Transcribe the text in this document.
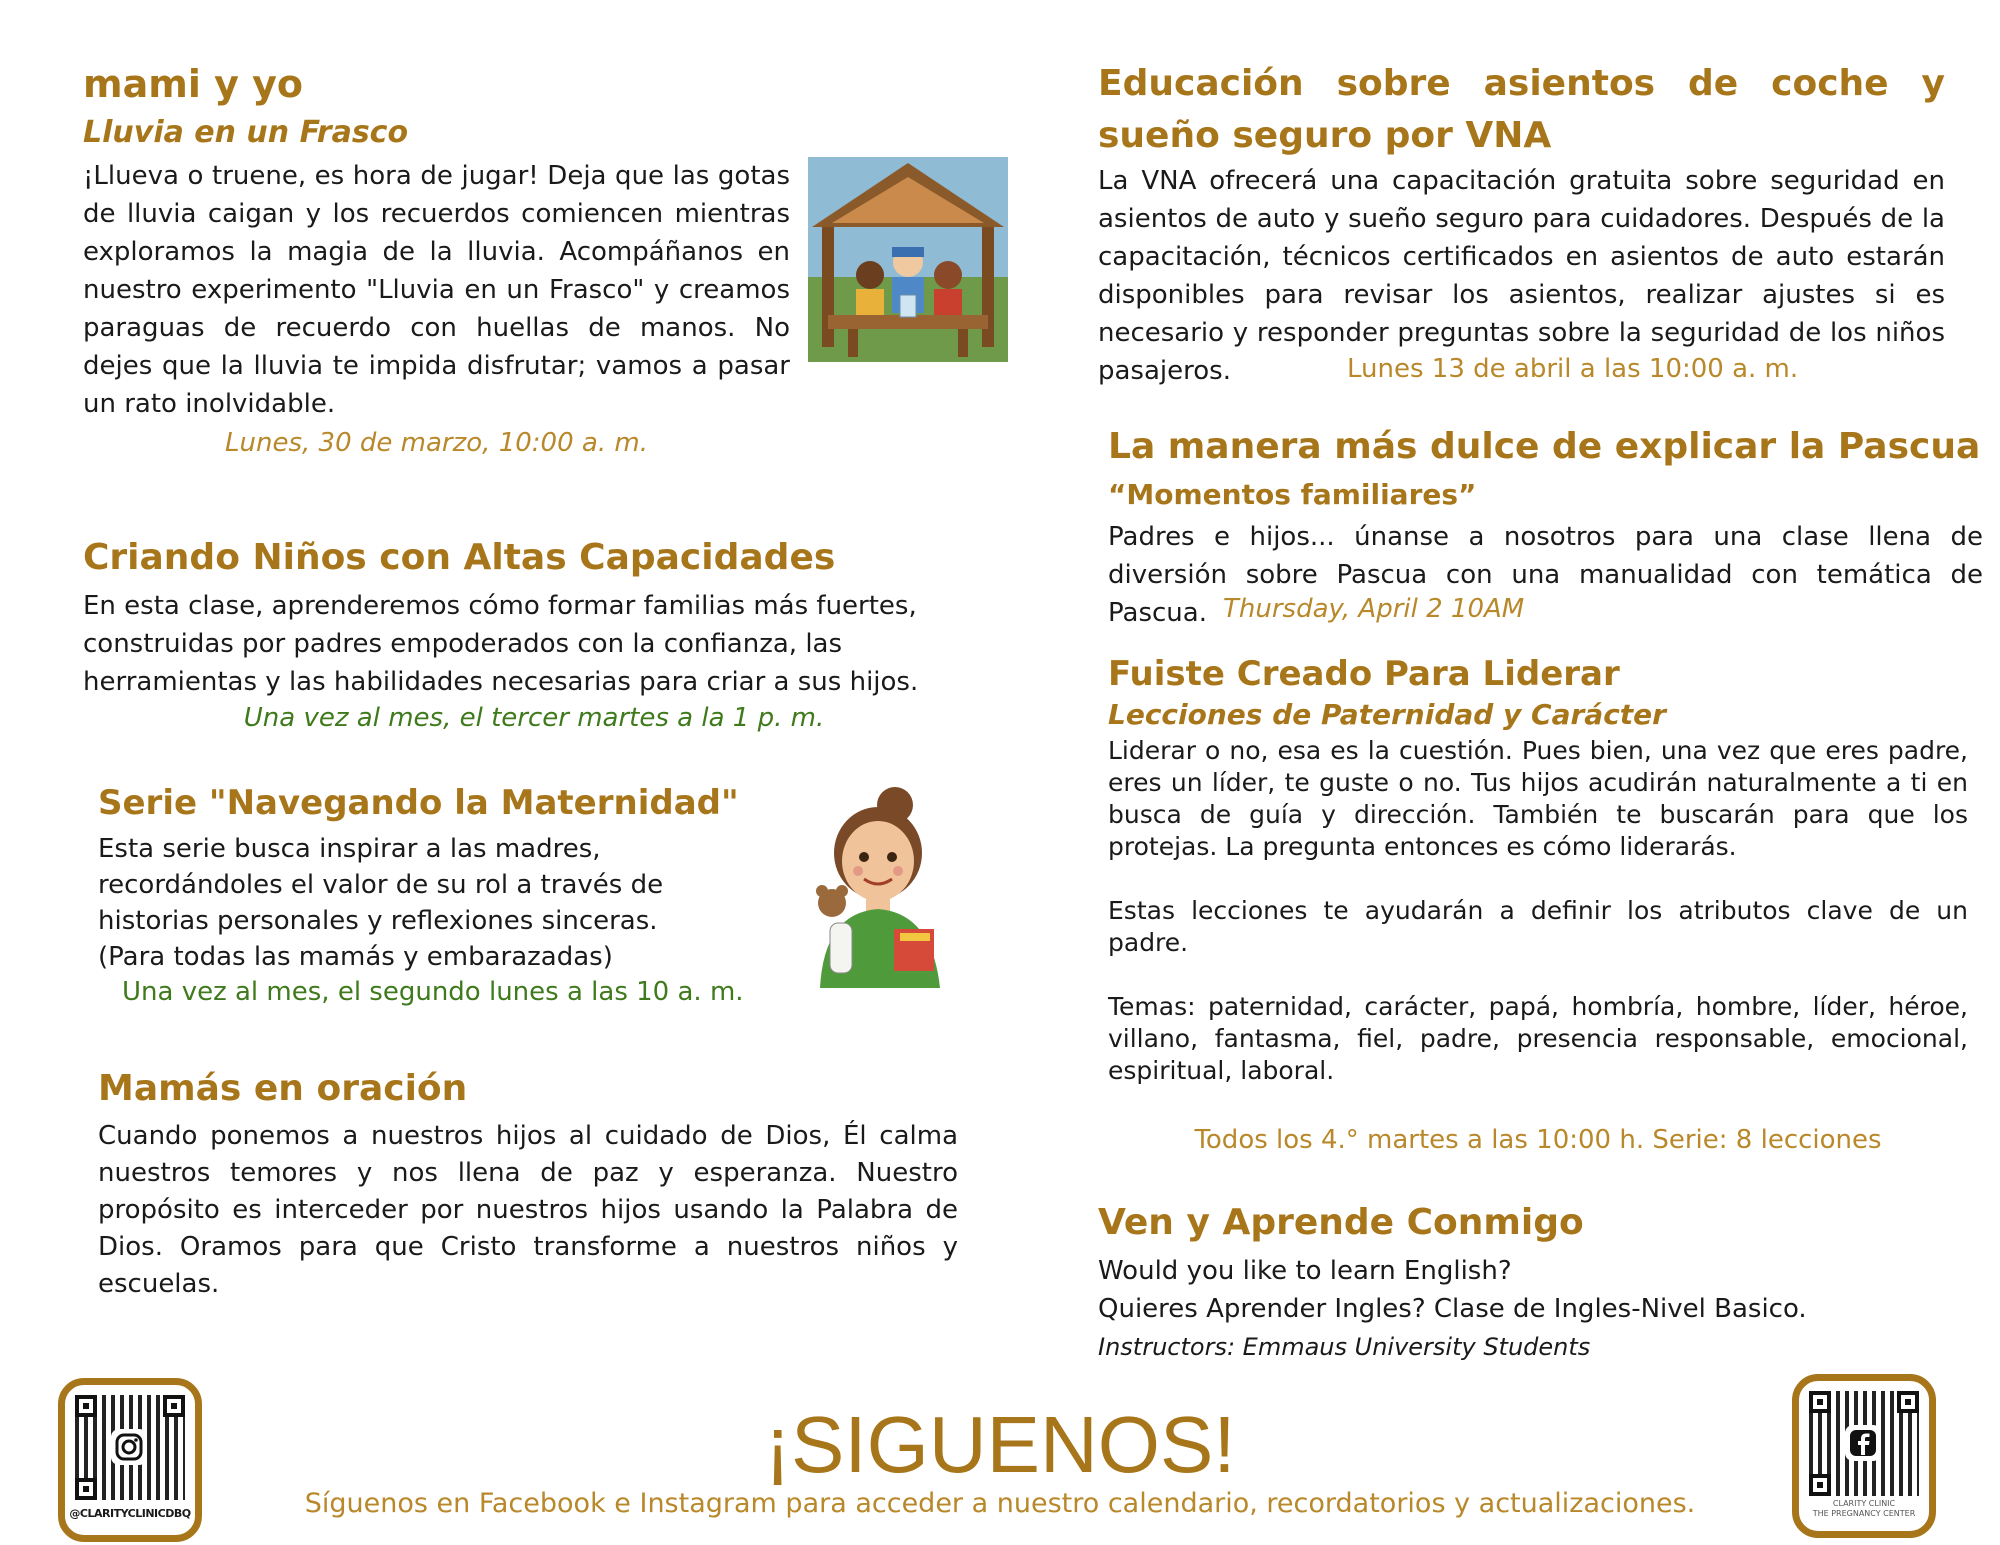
mami y yo
Lluvia en un Frasco

¡Llueva o truene, es hora de jugar! Deja que las gotas de lluvia caigan y los recuerdos comiencen mientras exploramos la magia de la lluvia. Acompáñanos en nuestro experimento "Lluvia en un Frasco" y creamos paraguas de recuerdo con huellas de manos. No dejes que la lluvia te impida disfrutar; vamos a pasar un rato inolvidable.

Lunes, 30 de marzo, 10:00 a. m.
Criando Niños con Altas Capacidades

En esta clase, aprenderemos cómo formar familias más fuertes, construidas por padres empoderados con la confianza, las herramientas y las habilidades necesarias para criar a sus hijos.

Una vez al mes, el tercer martes a la 1 p. m.
Serie "Navegando la Maternidad"

Esta serie busca inspirar a las madres,

recordándoles el valor de su rol a través de

historias personales y reflexiones sinceras.

(Para todas las mamás y embarazadas)

Una vez al mes, el segundo lunes a las 10 a. m.
Mamás en oración

Cuando ponemos a nuestros hijos al cuidado de Dios, Él calma nuestros temores y nos llena de paz y esperanza. Nuestro propósito es interceder por nuestros hijos usando la Palabra de Dios. Oramos para que Cristo transforme a nuestros niños y escuelas.

Educación sobre asientos de coche y sueño seguro por VNA

La VNA ofrecerá una capacitación gratuita sobre seguridad en asientos de auto y sueño seguro para cuidadores. Después de la capacitación, técnicos certificados en asientos de auto estarán disponibles para revisar los asientos, realizar ajustes si es necesario y responder preguntas sobre la seguridad de los niños pasajeros.	Lunes 13 de abril a las 10:00 a. m.
La manera más dulce de explicar la Pascua
“Momentos familiares”

Padres e hijos... únanse a nosotros para una clase llena de diversión sobre Pascua con una manualidad con temática de Pascua. Thursday, April 2 10AM
Fuiste Creado Para Liderar
Lecciones de Paternidad y Carácter

Liderar o no, esa es la cuestión. Pues bien, una vez que eres padre, eres un líder, te guste o no. Tus hijos acudirán naturalmente a ti en busca de guía y dirección. También te buscarán para que los protejas. La pregunta entonces es cómo liderarás.

Estas lecciones te ayudarán a definir los atributos clave de un padre.

Temas: paternidad, carácter, papá, hombría, hombre, líder, héroe, villano, fantasma, fiel, padre, presencia responsable, emocional, espiritual, laboral.

Todos los 4.° martes a las 10:00 h. Serie: 8 lecciones
Ven y Aprende Conmigo

Would you like to learn English?

Quieres Aprender Ingles? Clase de Ingles-Nivel Basico.

Instructors: Emmaus University Students

¡SIGUENOS!
Síguenos en Facebook e Instagram para acceder a nuestro calendario, recordatorios y actualizaciones.
@CLARITYCLINICDBQ
CLARITY CLINIC
THE PREGNANCY CENTER
